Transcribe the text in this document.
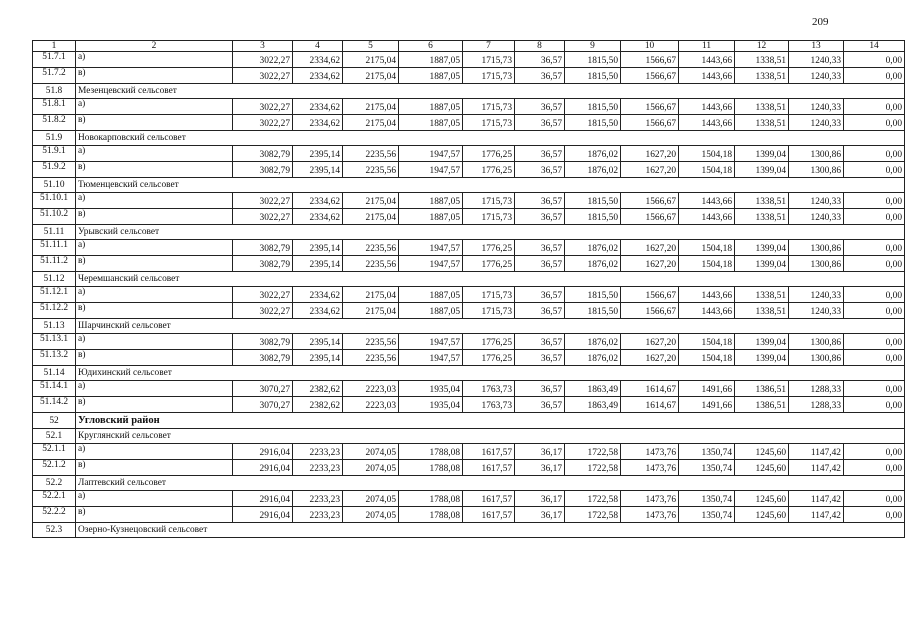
209
1	2	3	4	5	6	7	8	9	10	11	12	13	14
51.7.1	а)	3022,27	2334,62	2175,04	1887,05	1715,73	36,57	1815,50	1566,67	1443,66	1338,51	1240,33	0,00
51.7.2	в)	3022,27	2334,62	2175,04	1887,05	1715,73	36,57	1815,50	1566,67	1443,66	1338,51	1240,33	0,00
51.8	Мезенцевский сельсовет												
51.8.1	а)	3022,27	2334,62	2175,04	1887,05	1715,73	36,57	1815,50	1566,67	1443,66	1338,51	1240,33	0,00
51.8.2	в)	3022,27	2334,62	2175,04	1887,05	1715,73	36,57	1815,50	1566,67	1443,66	1338,51	1240,33	0,00
51.9	Новокарповский сельсовет												
51.9.1	а)	3082,79	2395,14	2235,56	1947,57	1776,25	36,57	1876,02	1627,20	1504,18	1399,04	1300,86	0,00
51.9.2	в)	3082,79	2395,14	2235,56	1947,57	1776,25	36,57	1876,02	1627,20	1504,18	1399,04	1300,86	0,00
51.10	Тюменцевский сельсовет												
51.10.1	а)	3022,27	2334,62	2175,04	1887,05	1715,73	36,57	1815,50	1566,67	1443,66	1338,51	1240,33	0,00
51.10.2	в)	3022,27	2334,62	2175,04	1887,05	1715,73	36,57	1815,50	1566,67	1443,66	1338,51	1240,33	0,00
51.11	Урывский сельсовет												
51.11.1	а)	3082,79	2395,14	2235,56	1947,57	1776,25	36,57	1876,02	1627,20	1504,18	1399,04	1300,86	0,00
51.11.2	в)	3082,79	2395,14	2235,56	1947,57	1776,25	36,57	1876,02	1627,20	1504,18	1399,04	1300,86	0,00
51.12	Черемшанский сельсовет												
51.12.1	а)	3022,27	2334,62	2175,04	1887,05	1715,73	36,57	1815,50	1566,67	1443,66	1338,51	1240,33	0,00
51.12.2	в)	3022,27	2334,62	2175,04	1887,05	1715,73	36,57	1815,50	1566,67	1443,66	1338,51	1240,33	0,00
51.13	Шарчинский сельсовет												
51.13.1	а)	3082,79	2395,14	2235,56	1947,57	1776,25	36,57	1876,02	1627,20	1504,18	1399,04	1300,86	0,00
51.13.2	в)	3082,79	2395,14	2235,56	1947,57	1776,25	36,57	1876,02	1627,20	1504,18	1399,04	1300,86	0,00
51.14	Юдихинский сельсовет												
51.14.1	а)	3070,27	2382,62	2223,03	1935,04	1763,73	36,57	1863,49	1614,67	1491,66	1386,51	1288,33	0,00
51.14.2	в)	3070,27	2382,62	2223,03	1935,04	1763,73	36,57	1863,49	1614,67	1491,66	1386,51	1288,33	0,00
52	Угловский район												
52.1	Круглянский сельсовет												
52.1.1	а)	2916,04	2233,23	2074,05	1788,08	1617,57	36,17	1722,58	1473,76	1350,74	1245,60	1147,42	0,00
52.1.2	в)	2916,04	2233,23	2074,05	1788,08	1617,57	36,17	1722,58	1473,76	1350,74	1245,60	1147,42	0,00
52.2	Лаптевский сельсовет												
52.2.1	а)	2916,04	2233,23	2074,05	1788,08	1617,57	36,17	1722,58	1473,76	1350,74	1245,60	1147,42	0,00
52.2.2	в)	2916,04	2233,23	2074,05	1788,08	1617,57	36,17	1722,58	1473,76	1350,74	1245,60	1147,42	0,00
52.3	Озерно-Кузнецовский сельсовет												
